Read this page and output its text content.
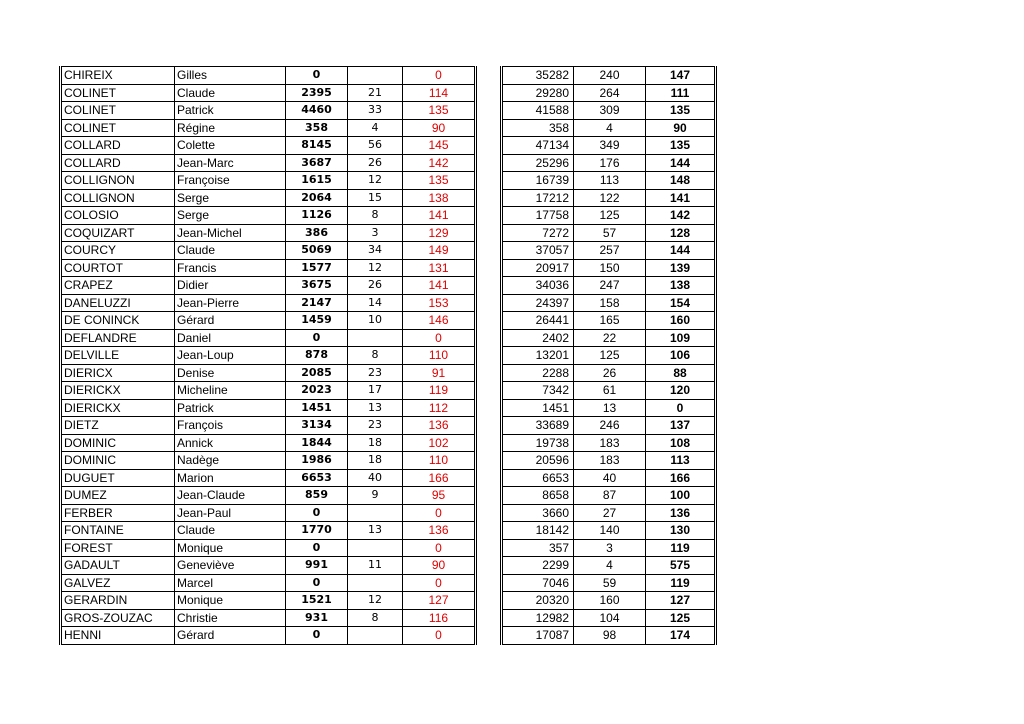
CHIREIX	Gilles	0		0
COLINET	Claude	2395	21	114
COLINET	Patrick	4460	33	135
COLINET	Régine	358	4	90
COLLARD	Colette	8145	56	145
COLLARD	Jean-Marc	3687	26	142
COLLIGNON	Françoise	1615	12	135
COLLIGNON	Serge	2064	15	138
COLOSIO	Serge	1126	8	141
COQUIZART	Jean-Michel	386	3	129
COURCY	Claude	5069	34	149
COURTOT	Francis	1577	12	131
CRAPEZ	Didier	3675	26	141
DANELUZZI	Jean-Pierre	2147	14	153
DE CONINCK	Gérard	1459	10	146
DEFLANDRE	Daniel	0		0
DELVILLE	Jean-Loup	878	8	110
DIERICX	Denise	2085	23	91
DIERICKX	Micheline	2023	17	119
DIERICKX	Patrick	1451	13	112
DIETZ	François	3134	23	136
DOMINIC	Annick	1844	18	102
DOMINIC	Nadège	1986	18	110
DUGUET	Marion	6653	40	166
DUMEZ	Jean-Claude	859	9	95
FERBER	Jean-Paul	0		0
FONTAINE	Claude	1770	13	136
FOREST	Monique	0		0
GADAULT	Geneviève	991	11	90
GALVEZ	Marcel	0		0
GERARDIN	Monique	1521	12	127
GROS-ZOUZAC	Christie	931	8	116
HENNI	Gérard	0		0
35282	240	147
29280	264	111
41588	309	135
358	4	90
47134	349	135
25296	176	144
16739	113	148
17212	122	141
17758	125	142
7272	57	128
37057	257	144
20917	150	139
34036	247	138
24397	158	154
26441	165	160
2402	22	109
13201	125	106
2288	26	88
7342	61	120
1451	13	0
33689	246	137
19738	183	108
20596	183	113
6653	40	166
8658	87	100
3660	27	136
18142	140	130
357	3	119
2299	4	575
7046	59	119
20320	160	127
12982	104	125
17087	98	174
